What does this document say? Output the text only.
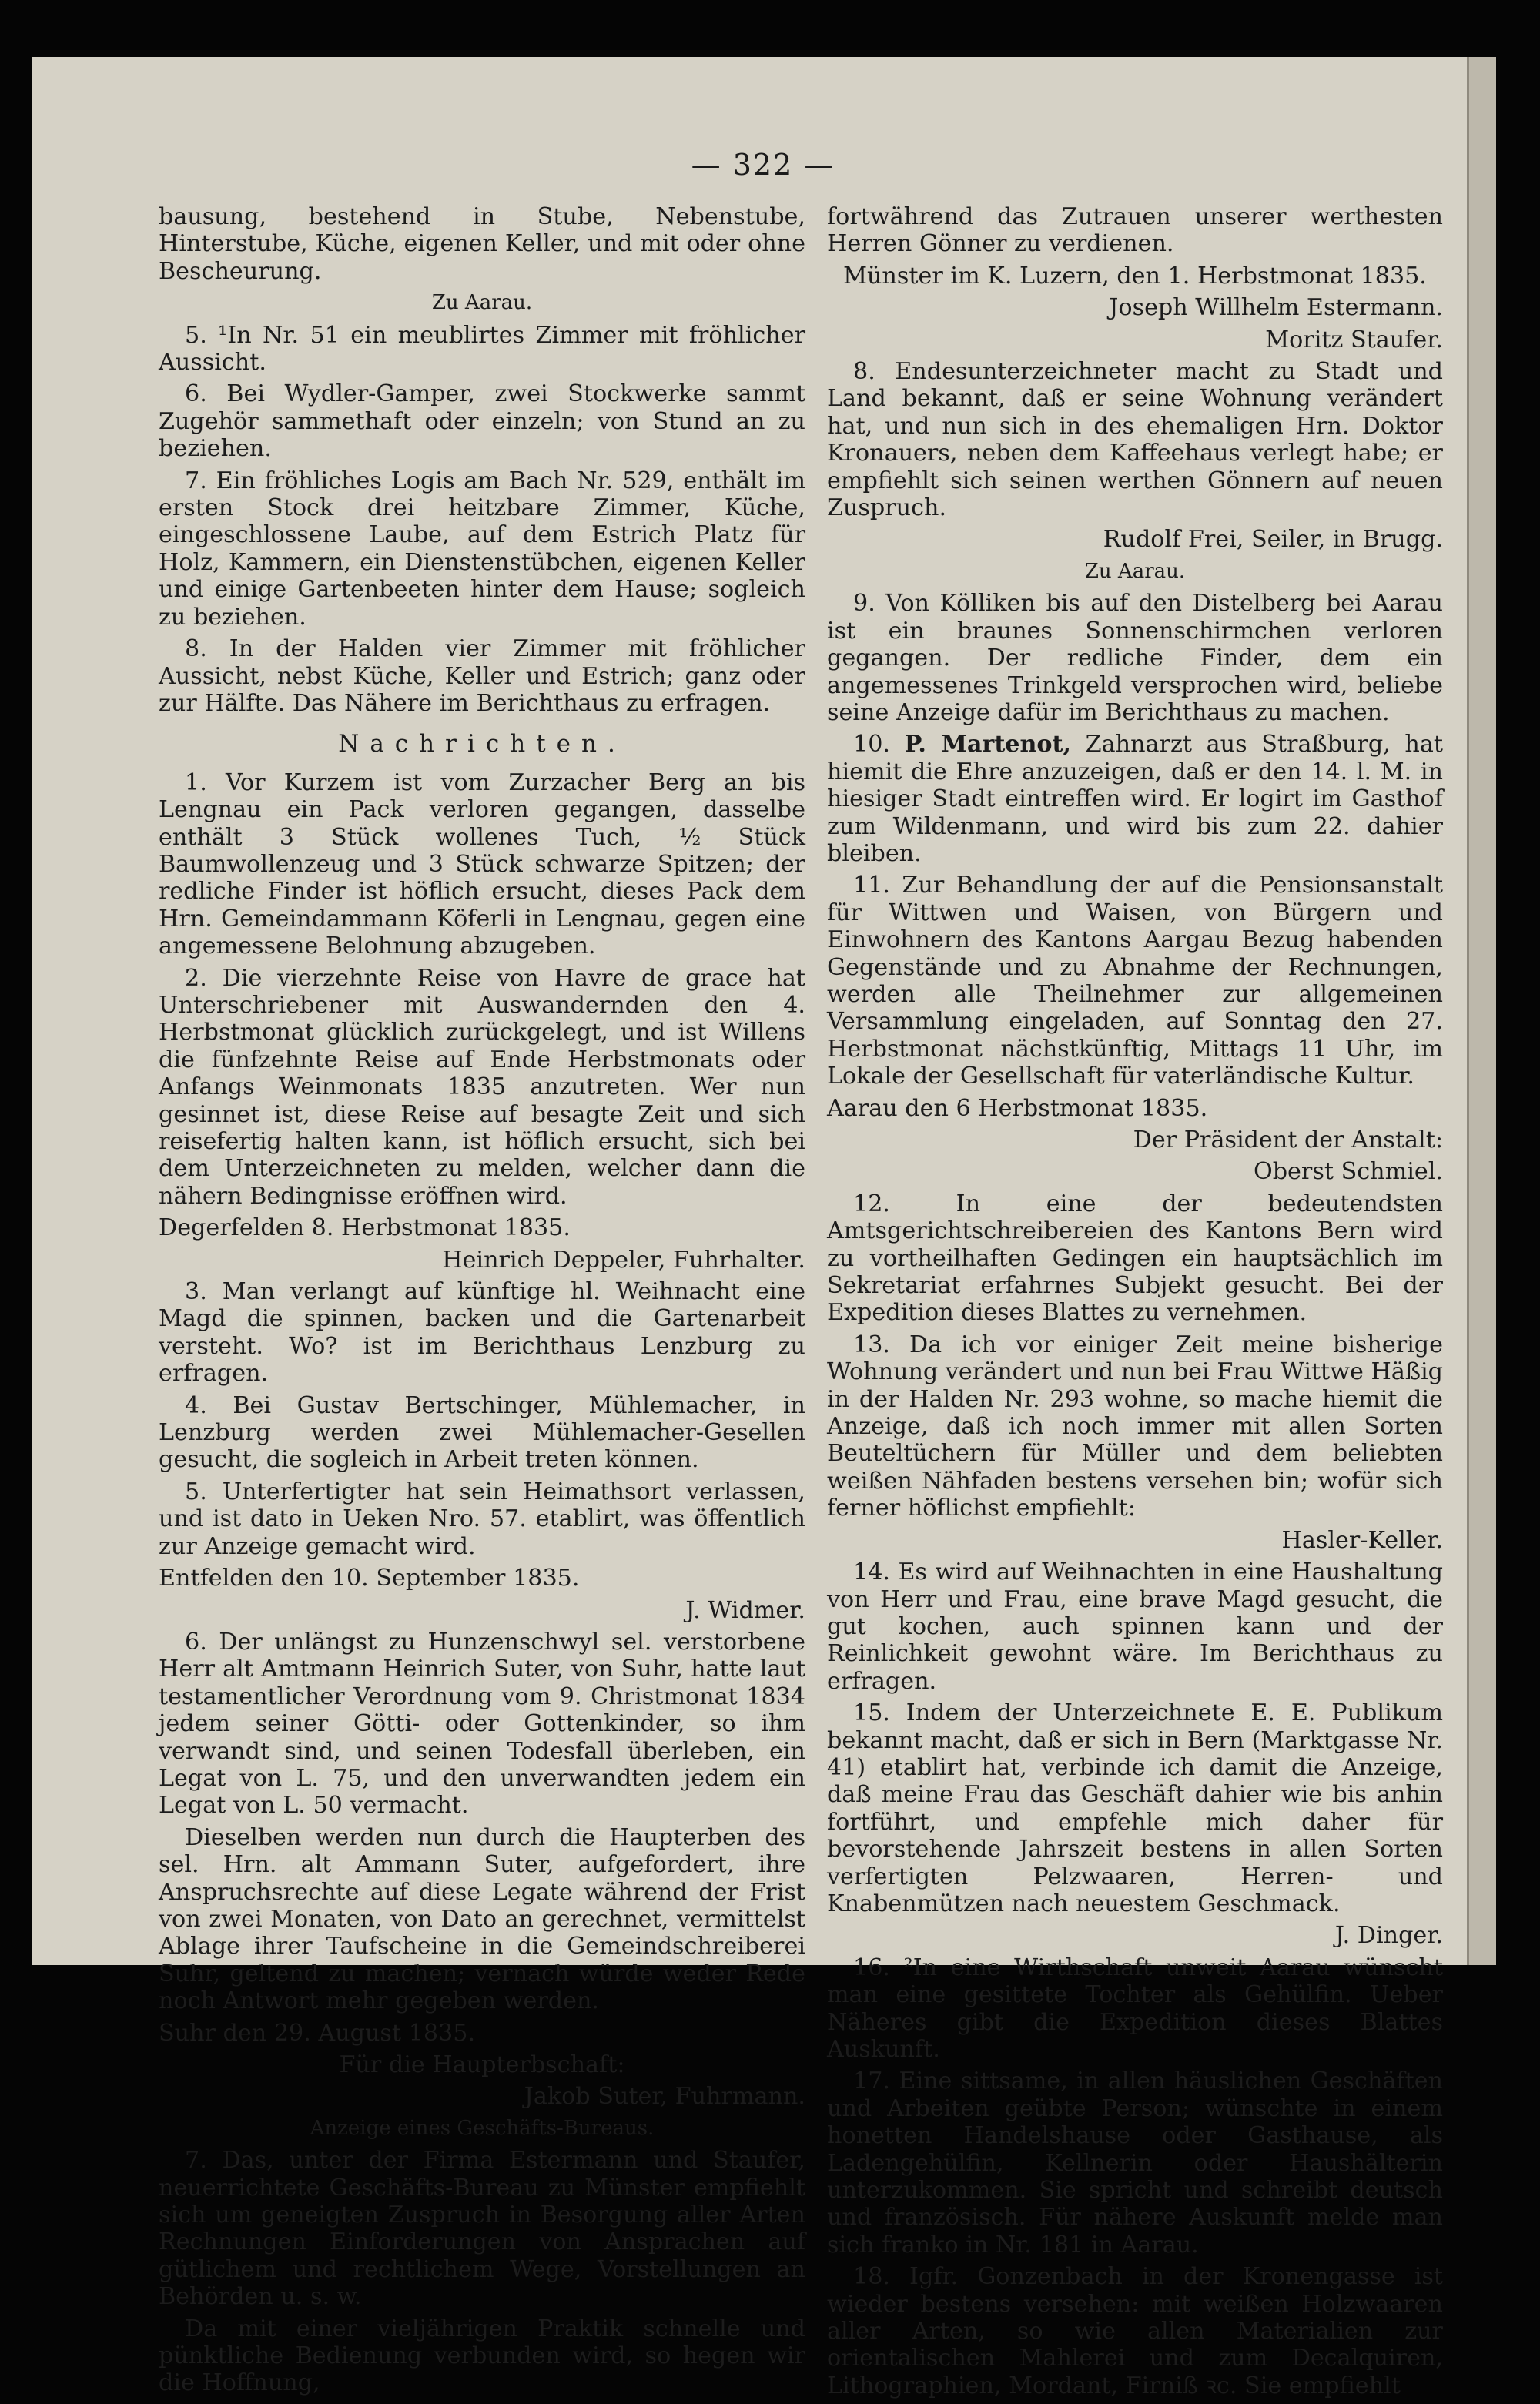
— 322 —

bausung, bestehend in Stube, Nebenstube, Hinterstube, Küche, eigenen Keller, und mit oder ohne Bescheurung.

Zu Aarau.

5. ¹In Nr. 51 ein meublirtes Zimmer mit fröhlicher Aussicht.

6. Bei Wydler-Gamper, zwei Stockwerke sammt Zugehör sammethaft oder einzeln; von Stund an zu beziehen.

7. Ein fröhliches Logis am Bach Nr. 529, enthält im ersten Stock drei heitzbare Zimmer, Küche, eingeschlossene Laube, auf dem Estrich Platz für Holz, Kammern, ein Dienstenstübchen, eigenen Keller und einige Gartenbeeten hinter dem Hause; sogleich zu beziehen.

8. In der Halden vier Zimmer mit fröhlicher Aussicht, nebst Küche, Keller und Estrich; ganz oder zur Hälfte. Das Nähere im Berichthaus zu erfragen.

Nachrichten.

1. Vor Kurzem ist vom Zurzacher Berg an bis Lengnau ein Pack verloren gegangen, dasselbe enthält 3 Stück wollenes Tuch, ½ Stück Baumwollenzeug und 3 Stück schwarze Spitzen; der redliche Finder ist höflich ersucht, dieses Pack dem Hrn. Gemeindammann Köferli in Lengnau, gegen eine angemessene Belohnung abzugeben.

2. Die vierzehnte Reise von Havre de grace hat Unterschriebener mit Auswandernden den 4. Herbstmonat glücklich zurückgelegt, und ist Willens die fünfzehnte Reise auf Ende Herbstmonats oder Anfangs Weinmonats 1835 anzutreten. Wer nun gesinnet ist, diese Reise auf besagte Zeit und sich reisefertig halten kann, ist höflich ersucht, sich bei dem Unterzeichneten zu melden, welcher dann die nähern Bedingnisse eröffnen wird.

Degerfelden 8. Herbstmonat 1835.

Heinrich Deppeler, Fuhrhalter.

3. Man verlangt auf künftige hl. Weihnacht eine Magd die spinnen, backen und die Gartenarbeit versteht. Wo? ist im Berichthaus Lenzburg zu erfragen.

4. Bei Gustav Bertschinger, Mühlemacher, in Lenzburg werden zwei Mühlemacher-Gesellen gesucht, die sogleich in Arbeit treten können.

5. Unterfertigter hat sein Heimathsort verlassen, und ist dato in Ueken Nro. 57. etablirt, was öffentlich zur Anzeige gemacht wird.

Entfelden den 10. September 1835.

J. Widmer.

6. Der unlängst zu Hunzenschwyl sel. verstorbene Herr alt Amtmann Heinrich Suter, von Suhr, hatte laut testamentlicher Verordnung vom 9. Christmonat 1834 jedem seiner Götti- oder Gottenkinder, so ihm verwandt sind, und seinen Todesfall überleben, ein Legat von L. 75, und den unverwandten jedem ein Legat von L. 50 vermacht.

Dieselben werden nun durch die Haupterben des sel. Hrn. alt Ammann Suter, aufgefordert, ihre Anspruchsrechte auf diese Legate während der Frist von zwei Monaten, von Dato an gerechnet, vermittelst Ablage ihrer Taufscheine in die Gemeindschreiberei Suhr, geltend zu machen; vernach würde weder Rede noch Antwort mehr gegeben werden.

Suhr den 29. August 1835.

Für die Haupterbschaft:

Jakob Suter, Fuhrmann.

Anzeige eines Geschäfts-Bureaus.

7. Das, unter der Firma Estermann und Staufer, neuerrichtete Geschäfts-Bureau zu Münster empfiehlt sich um geneigten Zuspruch in Besorgung aller Arten Rechnungen Einforderungen von Ansprachen auf gütlichem und rechtlichem Wege, Vorstellungen an Behörden u. s. w.

Da mit einer vieljährigen Praktik schnelle und pünktliche Bedienung verbunden wird, so hegen wir die Hoffnung,

fortwährend das Zutrauen unserer werthesten Herren Gönner zu verdienen.

Münster im K. Luzern, den 1. Herbstmonat 1835.

Joseph Willhelm Estermann.

Moritz Staufer.

8. Endesunterzeichneter macht zu Stadt und Land bekannt, daß er seine Wohnung verändert hat, und nun sich in des ehemaligen Hrn. Doktor Kronauers, neben dem Kaffeehaus verlegt habe; er empfiehlt sich seinen werthen Gönnern auf neuen Zuspruch.

Rudolf Frei, Seiler, in Brugg.

Zu Aarau.

9. Von Kölliken bis auf den Distelberg bei Aarau ist ein braunes Sonnenschirmchen verloren gegangen. Der redliche Finder, dem ein angemessenes Trinkgeld versprochen wird, beliebe seine Anzeige dafür im Berichthaus zu machen.

10. P. Martenot, Zahnarzt aus Straßburg, hat hiemit die Ehre anzuzeigen, daß er den 14. l. M. in hiesiger Stadt eintreffen wird. Er logirt im Gasthof zum Wildenmann, und wird bis zum 22. dahier bleiben.

11. Zur Behandlung der auf die Pensionsanstalt für Wittwen und Waisen, von Bürgern und Einwohnern des Kantons Aargau Bezug habenden Gegenstände und zu Abnahme der Rechnungen, werden alle Theilnehmer zur allgemeinen Versammlung eingeladen, auf Sonntag den 27. Herbstmonat nächstkünftig, Mittags 11 Uhr, im Lokale der Gesellschaft für vaterländische Kultur.

Aarau den 6 Herbstmonat 1835.

Der Präsident der Anstalt:

Oberst Schmiel.

12. In eine der bedeutendsten Amtsgerichtschreibereien des Kantons Bern wird zu vortheilhaften Gedingen ein hauptsächlich im Sekretariat erfahrnes Subjekt gesucht. Bei der Expedition dieses Blattes zu vernehmen.

13. Da ich vor einiger Zeit meine bisherige Wohnung verändert und nun bei Frau Wittwe Häßig in der Halden Nr. 293 wohne, so mache hiemit die Anzeige, daß ich noch immer mit allen Sorten Beuteltüchern für Müller und dem beliebten weißen Nähfaden bestens versehen bin; wofür sich ferner höflichst empfiehlt:

Hasler-Keller.

14. Es wird auf Weihnachten in eine Haushaltung von Herr und Frau, eine brave Magd gesucht, die gut kochen, auch spinnen kann und der Reinlichkeit gewohnt wäre. Im Berichthaus zu erfragen.

15. Indem der Unterzeichnete E. E. Publikum bekannt macht, daß er sich in Bern (Marktgasse Nr. 41) etablirt hat, verbinde ich damit die Anzeige, daß meine Frau das Geschäft dahier wie bis anhin fortführt, und empfehle mich daher für bevorstehende Jahrszeit bestens in allen Sorten verfertigten Pelzwaaren, Herren- und Knabenmützen nach neuestem Geschmack.

J. Dinger.

16. ²In eine Wirthschaft unweit Aarau wünscht man eine gesittete Tochter als Gehülfin. Ueber Näheres gibt die Expedition dieses Blattes Auskunft.

17. Eine sittsame, in allen häuslichen Geschäften und Arbeiten geübte Person; wünschte in einem honetten Handelshause oder Gasthause, als Ladengehülfin, Kellnerin oder Haushälterin unterzukommen. Sie spricht und schreibt deutsch und französisch. Für nähere Auskunft melde man sich franko in Nr. 181 in Aarau.

18. Igfr. Gonzenbach in der Kronengasse ist wieder bestens versehen: mit weißen Holzwaaren aller Arten, so wie allen Materialien zur orientalischen Mahlerei und zum Decalquiren, Lithographien, Mordant, Firniß ꝛc. Sie empfiehlt
